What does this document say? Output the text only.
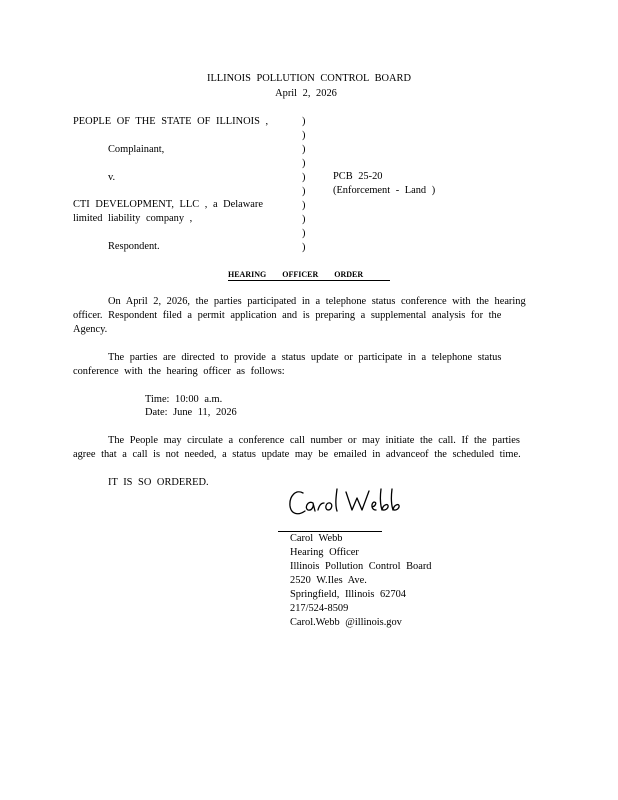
ILLINOIS POLLUTION CONTROL BOARD
April 2, 2026
PEOPLE OF THE STATE OF ILLINOIS ,
Complainant,
v.
CTI DEVELOPMENT, LLC , a Delaware
limited liability company ,
Respondent.
)
)
)
)
)
)
)
)
)
)
PCB 25-20
(Enforcement - Land )
HEARING OFFICER ORDER

On April 2, 2026, the parties participated in a telephone status conference with the hearing officer. Respondent filed a permit application and is preparing a supplemental analysis for the Agency.

The parties are directed to provide a status update or participate in a telephone status conference with the hearing officer as follows:

Time: 10:00 a.m.
Date: June 11, 2026

The People may circulate a conference call number or may initiate the call. If the parties agree that a call is not needed, a status update may be emailed in advanceof the scheduled time.

IT IS SO ORDERED.
Carol Webb
Hearing Officer
Illinois Pollution Control Board
2520 W.Iles Ave.
Springfield, Illinois 62704
217/524-8509
Carol.Webb @illinois.gov
